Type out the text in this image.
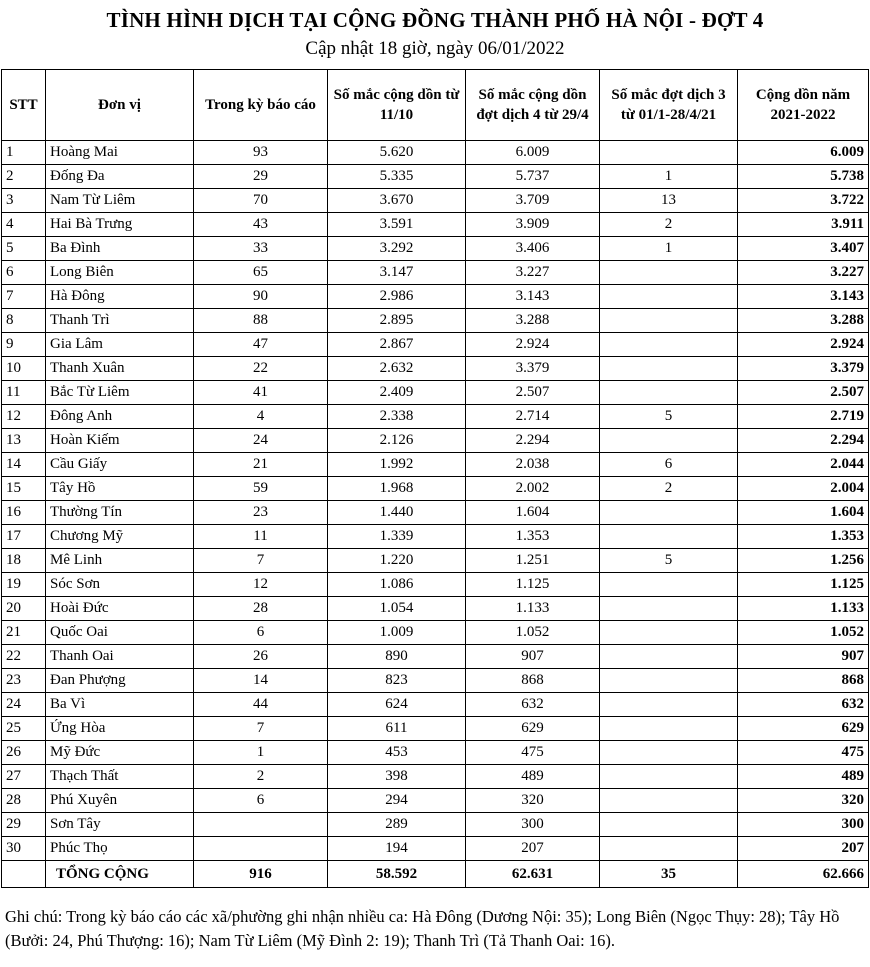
TÌNH HÌNH DỊCH TẠI CỘNG ĐỒNG THÀNH PHỐ HÀ NỘI - ĐỢT 4
Cập nhật 18 giờ, ngày 06/01/2022
STT	Đơn vị	Trong kỳ báo cáo	Số mắc cộng dồn từ 11/10	Số mắc cộng dồn đợt dịch 4 từ 29/4	Số mắc đợt dịch 3 từ 01/1-28/4/21	Cộng dồn năm 2021-2022
1	Hoàng Mai	93	5.620	6.009		6.009
2	Đống Đa	29	5.335	5.737	1	5.738
3	Nam Từ Liêm	70	3.670	3.709	13	3.722
4	Hai Bà Trưng	43	3.591	3.909	2	3.911
5	Ba Đình	33	3.292	3.406	1	3.407
6	Long Biên	65	3.147	3.227		3.227
7	Hà Đông	90	2.986	3.143		3.143
8	Thanh Trì	88	2.895	3.288		3.288
9	Gia Lâm	47	2.867	2.924		2.924
10	Thanh Xuân	22	2.632	3.379		3.379
11	Bắc Từ Liêm	41	2.409	2.507		2.507
12	Đông Anh	4	2.338	2.714	5	2.719
13	Hoàn Kiếm	24	2.126	2.294		2.294
14	Cầu Giấy	21	1.992	2.038	6	2.044
15	Tây Hồ	59	1.968	2.002	2	2.004
16	Thường Tín	23	1.440	1.604		1.604
17	Chương Mỹ	11	1.339	1.353		1.353
18	Mê Linh	7	1.220	1.251	5	1.256
19	Sóc Sơn	12	1.086	1.125		1.125
20	Hoài Đức	28	1.054	1.133		1.133
21	Quốc Oai	6	1.009	1.052		1.052
22	Thanh Oai	26	890	907		907
23	Đan Phượng	14	823	868		868
24	Ba Vì	44	624	632		632
25	Ứng Hòa	7	611	629		629
26	Mỹ Đức	1	453	475		475
27	Thạch Thất	2	398	489		489
28	Phú Xuyên	6	294	320		320
29	Sơn Tây		289	300		300
30	Phúc Thọ		194	207		207
	TỔNG CỘNG	916	58.592	62.631	35	62.666
Ghi chú: Trong kỳ báo cáo các xã/phường ghi nhận nhiều ca: Hà Đông (Dương Nội: 35); Long Biên (Ngọc Thụy: 28); Tây Hồ (Bưởi: 24, Phú Thượng: 16); Nam Từ Liêm (Mỹ Đình 2: 19); Thanh Trì (Tả Thanh Oai: 16).
